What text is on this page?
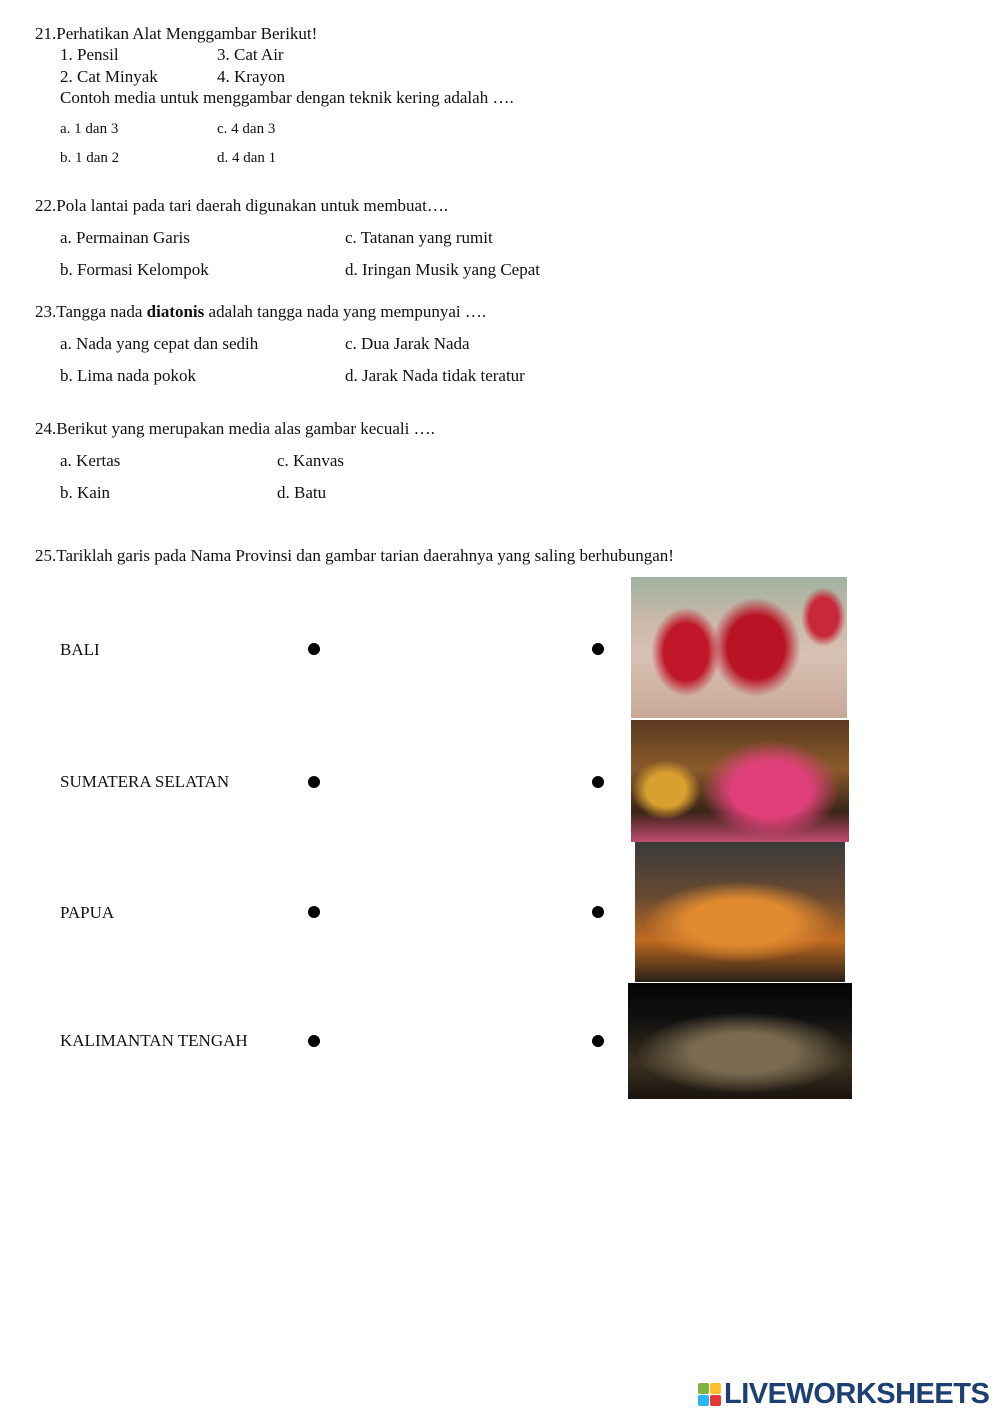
21.Perhatikan Alat Menggambar Berikut!
1. Pensil	3. Cat Air
2. Cat Minyak	4. Krayon
Contoh media untuk menggambar dengan teknik kering adalah ….
a. 1 dan 3	c. 4 dan 3
b. 1 dan 2	d. 4 dan 1
22.Pola lantai pada tari daerah digunakan untuk membuat….
a. Permainan Garis	c. Tatanan yang rumit
b. Formasi Kelompok	d. Iringan Musik yang Cepat
23.Tangga nada diatonis adalah tangga nada yang mempunyai ….
a. Nada yang cepat dan sedih	c. Dua Jarak Nada
b. Lima nada pokok	d. Jarak Nada tidak teratur
24.Berikut yang merupakan media alas gambar kecuali ….
a. Kertas	c. Kanvas
b. Kain	d. Batu
25.Tariklah garis pada Nama Provinsi dan gambar tarian daerahnya yang saling berhubungan!
BALI
SUMATERA SELATAN
PAPUA
KALIMANTAN TENGAH
LIVEWORKSHEETS
